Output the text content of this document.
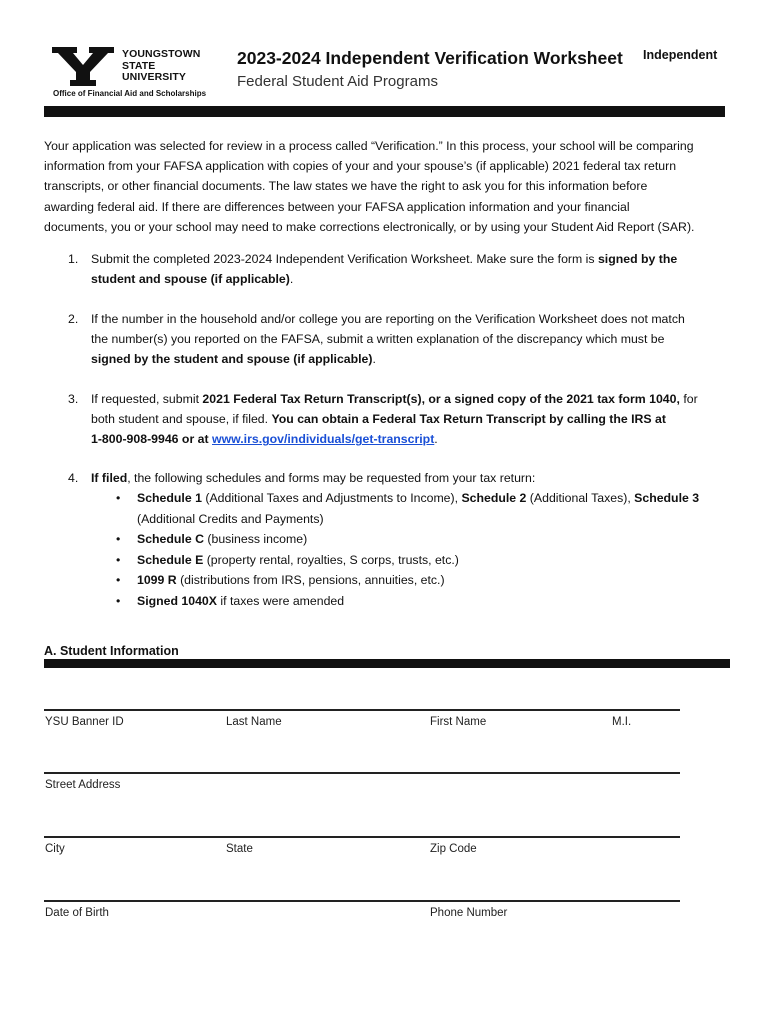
YOUNGSTOWN
STATE
UNIVERSITY
Office of Financial Aid and Scholarships
2023-2024 Independent Verification Worksheet
Federal Student Aid Programs
Independent
Your application was selected for review in a process called “Verification.” In this process, your school will be comparing
information from your FAFSA application with copies of your and your spouse’s (if applicable) 2021 federal tax return
transcripts, or other financial documents. The law states we have the right to ask you for this information before
awarding federal aid. If there are differences between your FAFSA application information and your financial
documents, you or your school may need to make corrections electronically, or by using your Student Aid Report (SAR).
1. Submit the completed 2023-2024 Independent Verification Worksheet. Make sure the form is signed by the
student and spouse (if applicable).
2. If the number in the household and/or college you are reporting on the Verification Worksheet does not match
the number(s) you reported on the FAFSA, submit a written explanation of the discrepancy which must be
signed by the student and spouse (if applicable).
3. If requested, submit 2021 Federal Tax Return Transcript(s), or a signed copy of the 2021 tax form 1040, for
both student and spouse, if filed. You can obtain a Federal Tax Return Transcript by calling the IRS at
1-800-908-9946 or at www.irs.gov/individuals/get-transcript.
4. If filed, the following schedules and forms may be requested from your tax return:
• Schedule 1 (Additional Taxes and Adjustments to Income), Schedule 2 (Additional Taxes), Schedule 3
(Additional Credits and Payments)
• Schedule C (business income)
• Schedule E (property rental, royalties, S corps, trusts, etc.)
• 1099 R (distributions from IRS, pensions, annuities, etc.)
• Signed 1040X if taxes were amended
A. Student Information
YSU Banner ID	Last Name	First Name	M.I.
Street Address
City	State	Zip Code
Date of Birth	Phone Number
